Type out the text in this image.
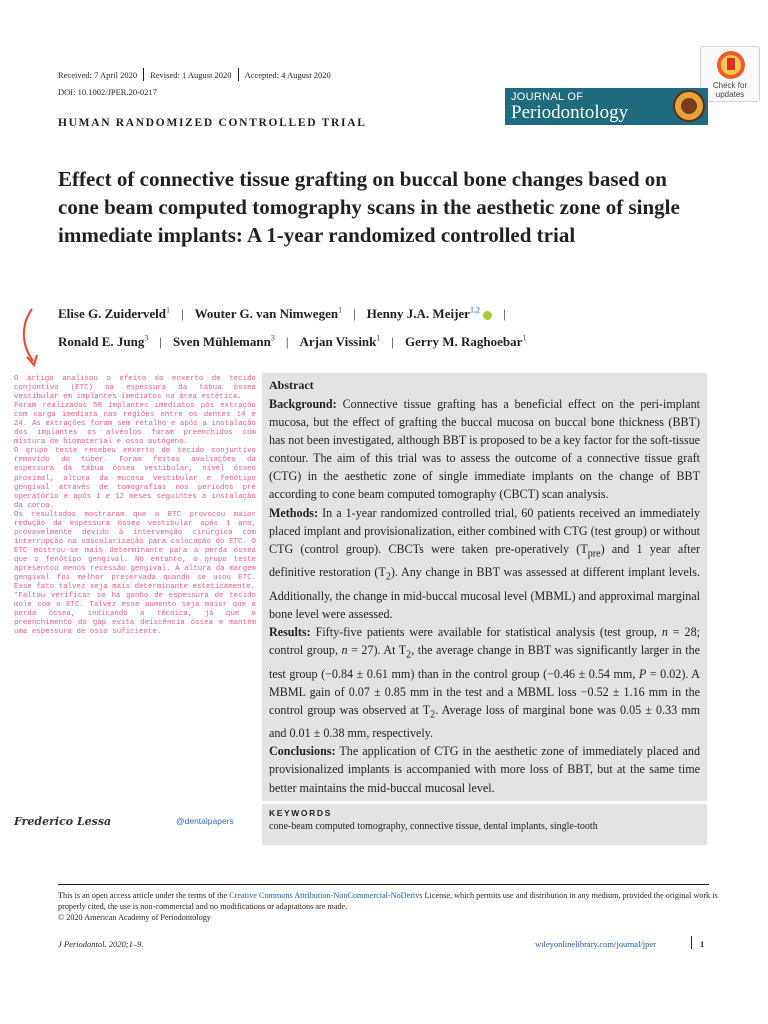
Received: 7 April 2020 Revised: 1 August 2020 Accepted: 4 August 2020
DOI: 10.1002/JPER.20-0217
Check for
updates
JOURNAL OF
Periodontology
HUMAN RANDOMIZED CONTROLLED TRIAL
Effect of connective tissue grafting on buccal bone changes based on cone beam computed tomography scans in the aesthetic zone of single immediate implants: A 1-year randomized controlled trial
Elise G. Zuiderveld$^1$ | Wouter G. van Nimwegen$^1$ | Henny J.A. Meijer$^{1,2}$ |
Ronald E. Jung$^3$ | Sven Mühlemann$^3$ | Arjan Vissink$^1$ | Gerry M. Raghoebar$^1$

O artigo analisou o efeito do enxerto de tecido conjuntivo (ETC) na espessura da tábua óssea vestibular em implantes imediatos na área estética.

Foram realizados 58 implantes imediatos pós extração com carga imediata nas regiões entre os dentes 14 e 24. As extrações foram sem retalho e após a instalação dos implantes os alvéolos foram preenchidos com mistura de biomaterial e osso autógeno.

O grupo teste recebeu enxerto de tecido conjuntivo removido do túber. Foram feitas avaliações da espessura da tábua óssea vestibular, nível ósseo proximal, altura da mucosa vestibular e fenótipo gengival através de tomografias nos períodos pré operatório e após 1 e 12 meses seguintes a instalação da coroa.

Os resultados mostraram que o ETC provocou maior redução da espessura óssea vestibular após 1 ano, provavelmente devido à intervenção cirúrgica com interrupção na vascularização para colocação do ETC. O ETC mostrou-se mais determinante para a perda óssea que o fenótipo gengival. No entanto, o grupo teste apresentou menos recessão gengival. A altura da margem gengival foi melhor preservada quando se usou ETC. Esse fato talvez seja mais determinante esteticamente.

*Faltou verificar se há ganho de espessura de tecido mole com o ETC. Talvez esse aumento seja maior que a perda óssea, indicando a técnica, já que o preenchimento do gap evita deiscência óssea e mantém uma espessura de osso suficiente.

Frederico Lessa	@dentalpapers
Abstract

Background: Connective tissue grafting has a beneficial effect on the peri-implant mucosa, but the effect of grafting the buccal mucosa on buccal bone thickness (BBT) has not been investigated, although BBT is proposed to be a key factor for the soft-tissue contour. The aim of this trial was to assess the outcome of a connective tissue graft (CTG) in the aesthetic zone of single immediate implants on the change of BBT according to cone beam computed tomography (CBCT) scan analysis.

Methods: In a 1-year randomized controlled trial, 60 patients received an immediately placed implant and provisionalization, either combined with CTG (test group) or without CTG (control group). CBCTs were taken pre-operatively $(T_{pre})$ and 1 year after definitive restoration $(T_2)$. Any change in BBT was assessed at different implant levels. Additionally, the change in mid-buccal mucosal level (MBML) and approximal marginal bone level were assessed.

Results: Fifty-five patients were available for statistical analysis (test group, n = 28; control group, n = 27). At $T_2$, the average change in BBT was significantly larger in the test group (−0.84 ± 0.61 mm) than in the control group (−0.46 ± 0.54 mm, P = 0.02). A MBML gain of 0.07 ± 0.85 mm in the test and a MBML loss −0.52 ± 1.16 mm in the control group was observed at $T_2$. Average loss of marginal bone was 0.05 ± 0.33 mm and 0.01 ± 0.38 mm, respectively.

Conclusions: The application of CTG in the aesthetic zone of immediately placed and provisionalized implants is accompanied with more loss of BBT, but at the same time better maintains the mid-buccal mucosal level.

KEYWORDS
cone-beam computed tomography, connective tissue, dental implants, single-tooth
This is an open access article under the terms of the Creative Commons Attribution-NonCommercial-NoDerivs License, which permits use and distribution in any medium, provided the original work is properly cited, the use is non-commercial and no modifications or adaptations are made.
© 2020 American Academy of Periodontology
J Periodontol. 2020;1–9.	wileyonlinelibrary.com/journal/jper	1
